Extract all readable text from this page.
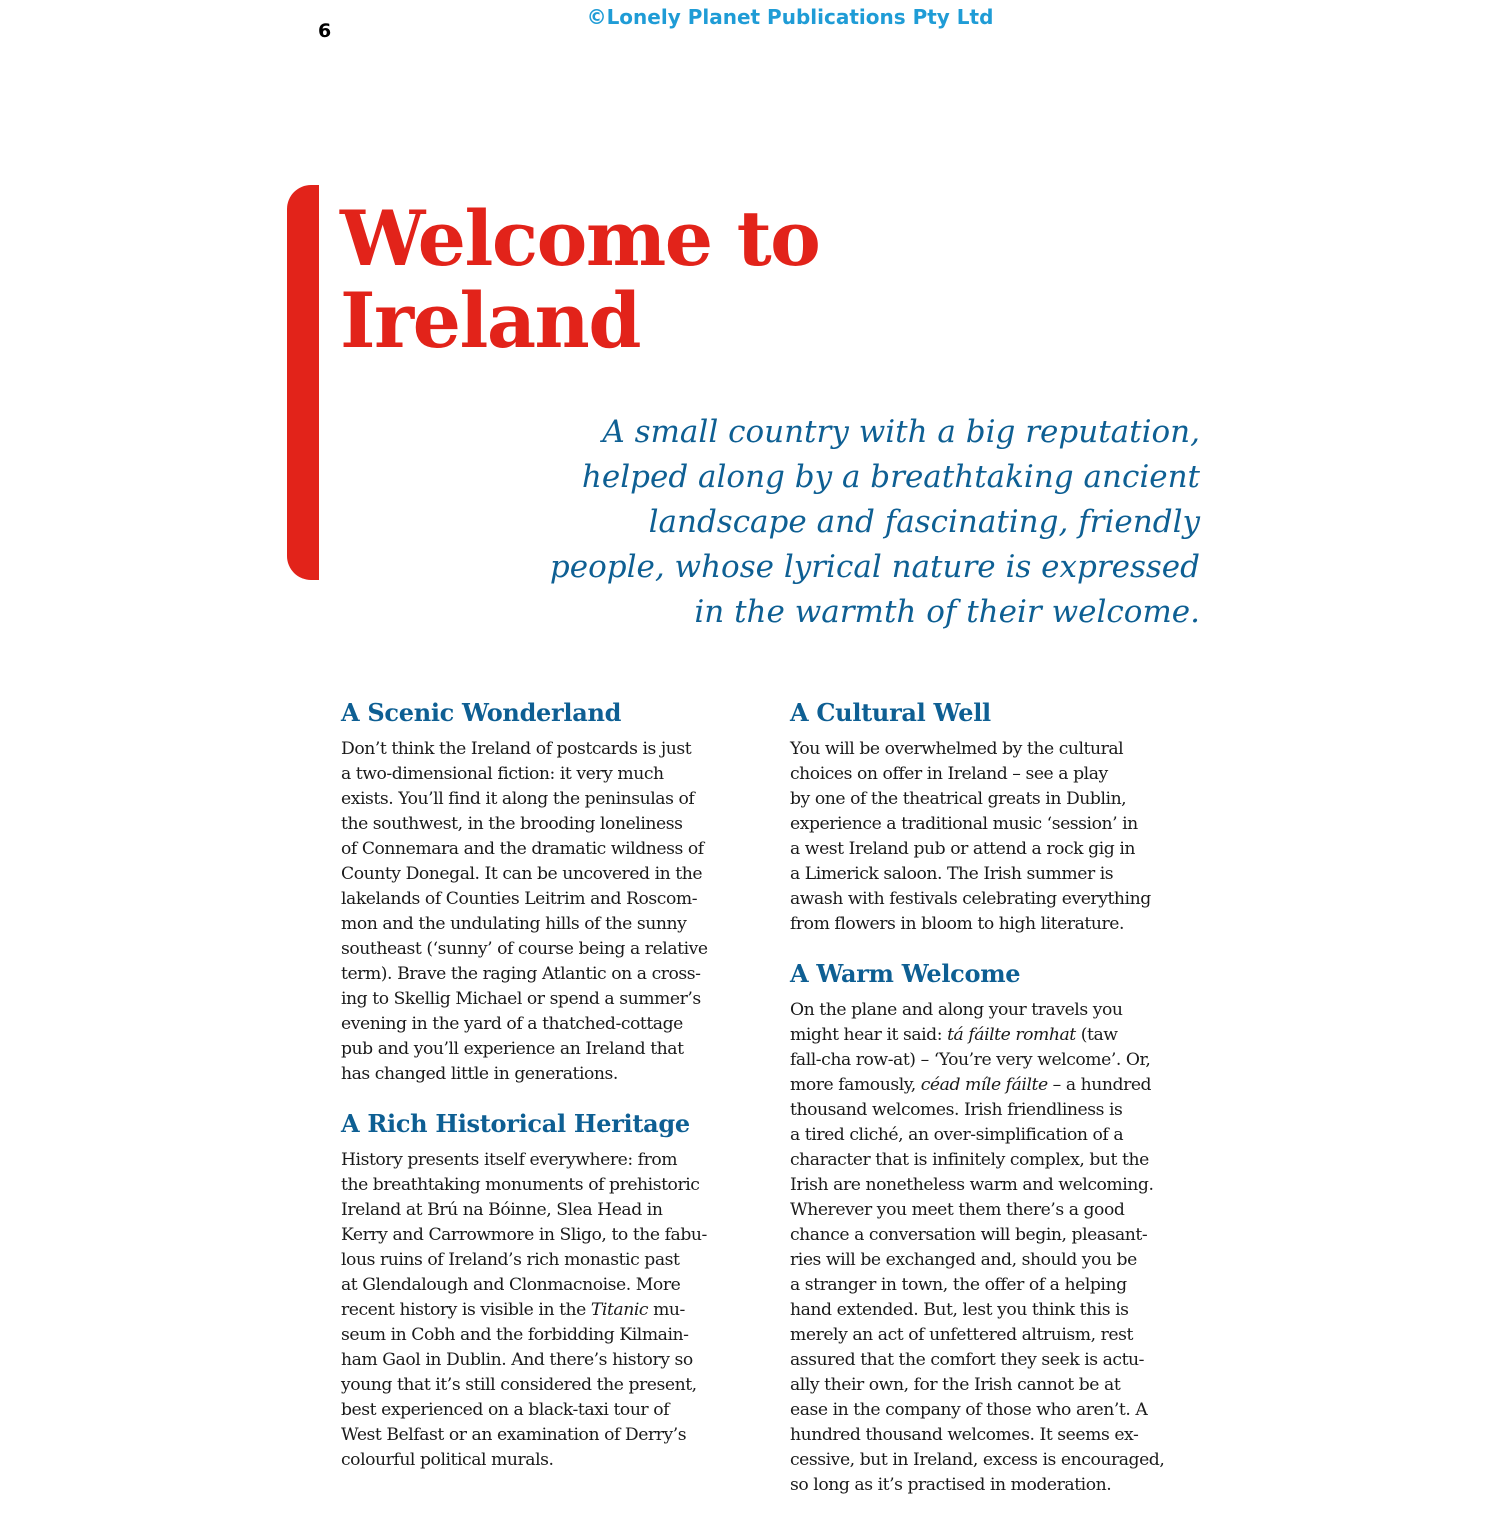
©Lonely Planet Publications Pty Ltd
6
Welcome to
Ireland

A small country with a big reputation,
helped along by a breathtaking ancient
landscape and fascinating, friendly
people, whose lyrical nature is expressed
in the warmth of their welcome.

A Scenic Wonderland

Don’t think the Ireland of postcards is just
a two-dimensional fiction: it very much
exists. You’ll find it along the peninsulas of
the southwest, in the brooding loneliness
of Connemara and the dramatic wildness of
County Donegal. It can be uncovered in the
lakelands of Counties Leitrim and Roscom-
mon and the undulating hills of the sunny
southeast (‘sunny’ of course being a relative
term). Brave the raging Atlantic on a cross-
ing to Skellig Michael or spend a summer’s
evening in the yard of a thatched-cottage
pub and you’ll experience an Ireland that
has changed little in generations.

A Rich Historical Heritage

History presents itself everywhere: from
the breathtaking monuments of prehistoric
Ireland at Brú na Bóinne, Slea Head in
Kerry and Carrowmore in Sligo, to the fabu-
lous ruins of Ireland’s rich monastic past
at Glendalough and Clonmacnoise. More
recent history is visible in the Titanic mu-
seum in Cobh and the forbidding Kilmain-
ham Gaol in Dublin. And there’s history so
young that it’s still considered the present,
best experienced on a black-taxi tour of
West Belfast or an examination of Derry’s
colourful political murals.

A Cultural Well

You will be overwhelmed by the cultural
choices on offer in Ireland – see a play
by one of the theatrical greats in Dublin,
experience a traditional music ‘session’ in
a west Ireland pub or attend a rock gig in
a Limerick saloon. The Irish summer is
awash with festivals celebrating everything
from flowers in bloom to high literature.

A Warm Welcome

On the plane and along your travels you
might hear it said: tá fáilte romhat (taw
fall-cha row-at) – ‘You’re very welcome’. Or,
more famously, céad míle fáilte – a hundred
thousand welcomes. Irish friendliness is
a tired cliché, an over-simplification of a
character that is infinitely complex, but the
Irish are nonetheless warm and welcoming.
Wherever you meet them there’s a good
chance a conversation will begin, pleasant-
ries will be exchanged and, should you be
a stranger in town, the offer of a helping
hand extended. But, lest you think this is
merely an act of unfettered altruism, rest
assured that the comfort they seek is actu-
ally their own, for the Irish cannot be at
ease in the company of those who aren’t. A
hundred thousand welcomes. It seems ex-
cessive, but in Ireland, excess is encouraged,
so long as it’s practised in moderation.
